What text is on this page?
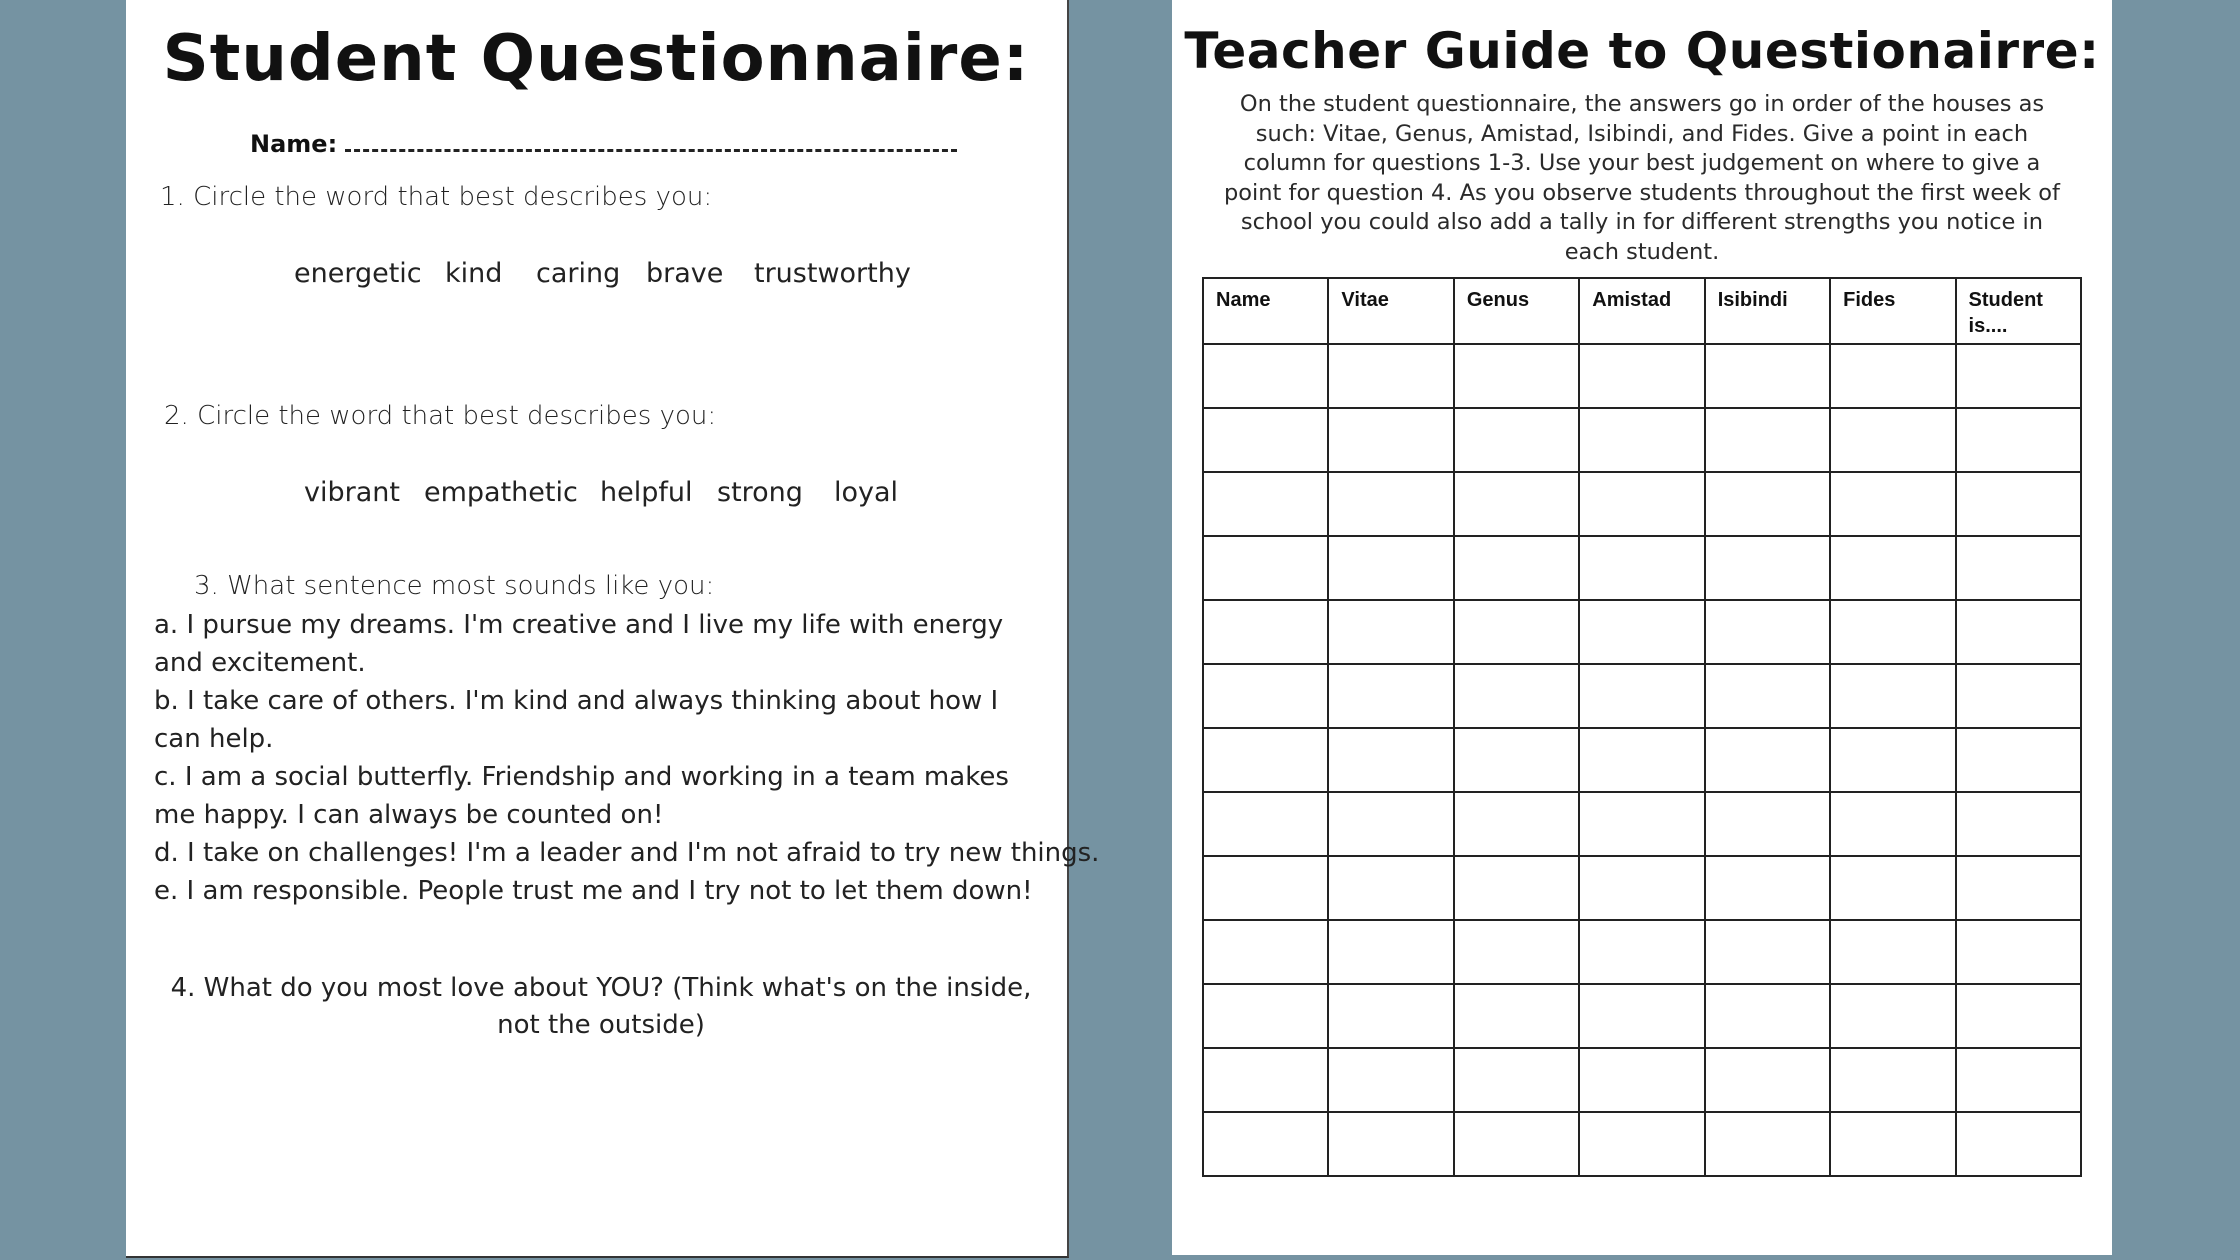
Student Questionnaire:
Name:
1. Circle the word that best describes you:
energetic kind caring brave trustworthy
2. Circle the word that best describes you:
vibrant empathetic helpful strong loyal
3. What sentence most sounds like you:
a. I pursue my dreams. I'm creative and I live my life with energy and excitement.
b. I take care of others. I'm kind and always thinking about how I can help.
c. I am a social butterfly. Friendship and working in a team makes me happy. I can always be counted on!
d. I take on challenges! I'm a leader and I'm not afraid to try new things.
e. I am responsible. People trust me and I try not to let them down!
4. What do you most love about YOU? (Think what's on the inside, not the outside)
Teacher Guide to Questionairre:
On the student questionnaire, the answers go in order of the houses as such: Vitae, Genus, Amistad, Isibindi, and Fides. Give a point in each column for questions 1-3. Use your best judgement on where to give a point for question 4. As you observe students throughout the first week of school you could also add a tally in for different strengths you notice in each student.
Name	Vitae	Genus	Amistad	Isibindi	Fides	Student is....
